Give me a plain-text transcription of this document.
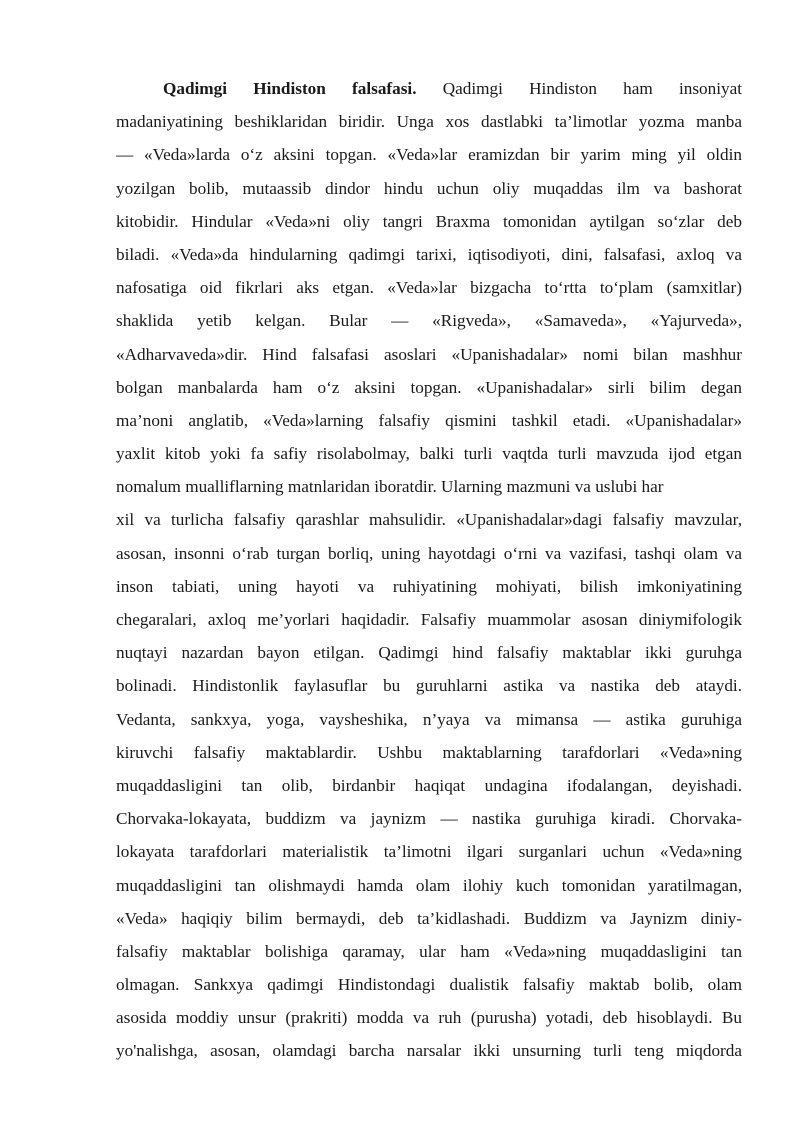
Qadimgi Hindiston falsafasi. Qadimgi Hindiston ham insoniyat
madaniyatining beshiklaridan biridir. Unga xos dastlabki ta’limotlar yozma manba
— «Veda»larda o‘z aksini topgan. «Veda»lar eramizdan bir yarim ming yil oldin
yozilgan bolib, mutaassib dindor hindu uchun oliy muqaddas ilm va bashorat
kitobidir. Hindular «Veda»ni oliy tangri Braxma tomonidan aytilgan so‘zlar deb
biladi. «Veda»da hindularning qadimgi tarixi, iqtisodiyoti, dini, falsafasi, axloq va
nafosatiga oid fikrlari aks etgan. «Veda»lar bizgacha to‘rtta to‘plam (samxitlar)
shaklida yetib kelgan. Bular — «Rigveda», «Samaveda», «Yajurveda»,
«Adharvaveda»dir. Hind falsafasi asoslari «Upanishadalar» nomi bilan mashhur
bolgan manbalarda ham o‘z aksini topgan. «Upanishadalar» sirli bilim degan
ma’noni anglatib, «Veda»larning falsafiy qismini tashkil etadi. «Upanishadalar»
yaxlit kitob yoki fa safiy risolabolmay, balki turli vaqtda turli mavzuda ijod etgan
nomalum mualliflarning matnlaridan iboratdir. Ularning mazmuni va uslubi har
xil va turlicha falsafiy qarashlar mahsulidir. «Upanishadalar»dagi falsafiy mavzular,
asosan, insonni o‘rab turgan borliq, uning hayotdagi o‘rni va vazifasi, tashqi olam va
inson tabiati, uning hayoti va ruhiyatining mohiyati, bilish imkoniyatining
chegaralari, axloq me’yorlari haqidadir. Falsafiy muammolar asosan diniymifologik
nuqtayi nazardan bayon etilgan. Qadimgi hind falsafiy maktablar ikki guruhga
bolinadi. Hindistonlik faylasuflar bu guruhlarni astika va nastika deb ataydi.
Vedanta, sankxya, yoga, vaysheshika, n’yaya va mimansa — astika guruhiga
kiruvchi falsafiy maktablardir. Ushbu maktablarning tarafdorlari «Veda»ning
muqaddasligini tan olib, birdanbir haqiqat undagina ifodalangan, deyishadi.
Chorvaka-lokayata, buddizm va jaynizm — nastika guruhiga kiradi. Chorvaka-
lokayata tarafdorlari materialistik ta’limotni ilgari surganlari uchun «Veda»ning
muqaddasligini tan olishmaydi hamda olam ilohiy kuch tomonidan yaratilmagan,
«Veda» haqiqiy bilim bermaydi, deb ta’kidlashadi. Buddizm va Jaynizm diniy-
falsafiy maktablar bolishiga qaramay, ular ham «Veda»ning muqaddasligini tan
olmagan. Sankxya qadimgi Hindistondagi dualistik falsafiy maktab bolib, olam
asosida moddiy unsur (prakriti) modda va ruh (purusha) yotadi, deb hisoblaydi. Bu
yo'nalishga, asosan, olamdagi barcha narsalar ikki unsurning turli teng miqdorda
